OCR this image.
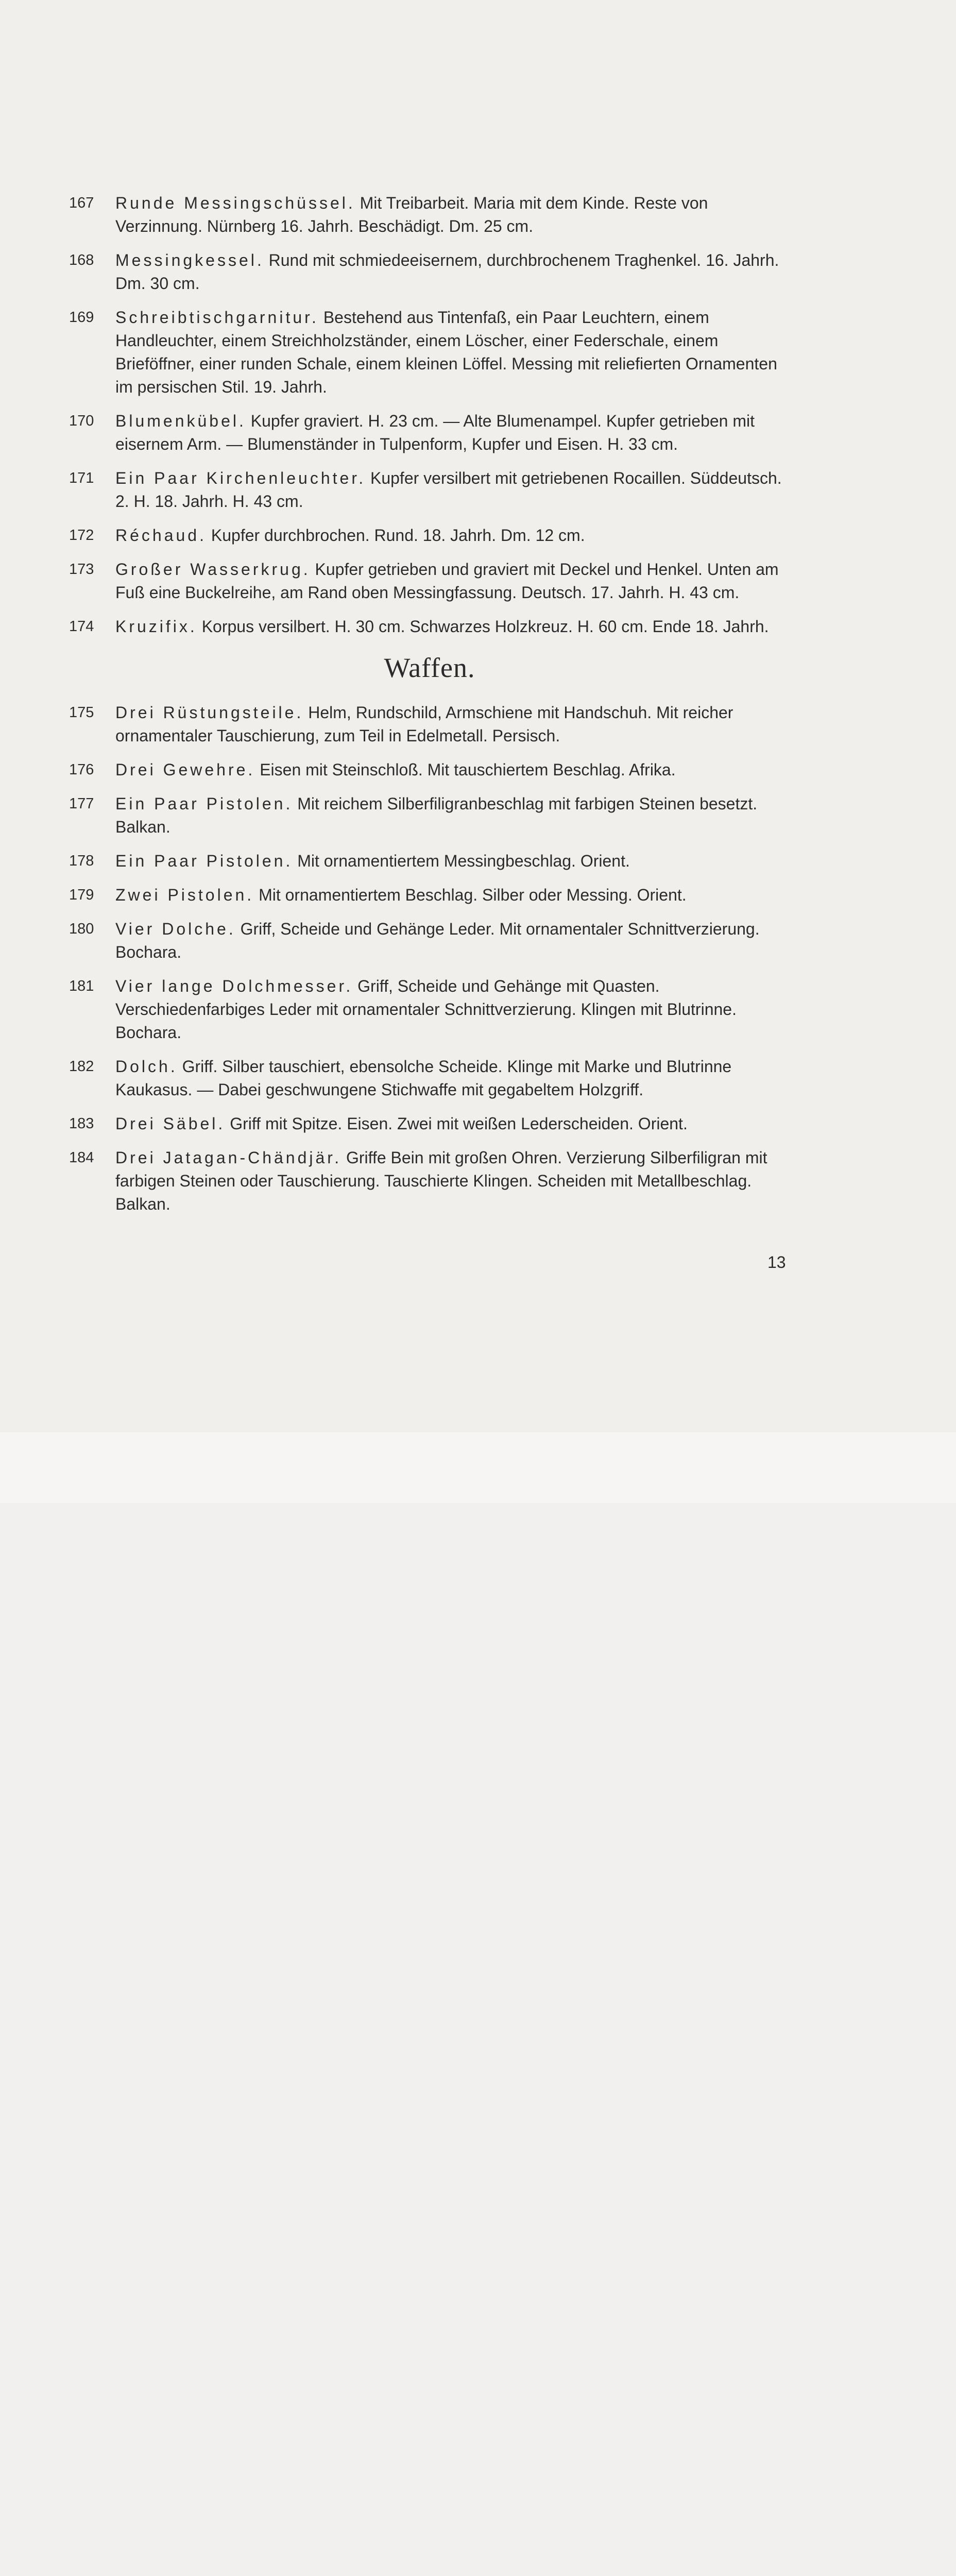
167	Runde Messingschüssel. Mit Treibarbeit. Maria mit dem Kinde. Reste von Verzinnung. Nürnberg 16. Jahrh. Beschädigt. Dm. 25 cm.
168	Messingkessel. Rund mit schmiedeeisernem, durchbrochenem Traghenkel. 16. Jahrh. Dm. 30 cm.
169	Schreibtischgarnitur. Bestehend aus Tintenfaß, ein Paar Leuchtern, einem Handleuchter, einem Streichholzständer, einem Löscher, einer Federschale, einem Brieföffner, einer runden Schale, einem kleinen Löffel. Messing mit reliefierten Ornamenten im persischen Stil. 19. Jahrh.
170	Blumenkübel. Kupfer graviert. H. 23 cm. — Alte Blumenampel. Kupfer getrieben mit eisernem Arm. — Blumenständer in Tulpenform, Kupfer und Eisen. H. 33 cm.
171	Ein Paar Kirchenleuchter. Kupfer versilbert mit getriebenen Rocaillen. Süddeutsch. 2. H. 18. Jahrh. H. 43 cm.
172	Réchaud. Kupfer durchbrochen. Rund. 18. Jahrh. Dm. 12 cm.
173	Großer Wasserkrug. Kupfer getrieben und graviert mit Deckel und Henkel. Unten am Fuß eine Buckelreihe, am Rand oben Messingfassung. Deutsch. 17. Jahrh. H. 43 cm.
174	Kruzifix. Korpus versilbert. H. 30 cm. Schwarzes Holzkreuz. H. 60 cm. Ende 18. Jahrh.
Waffen.
175	Drei Rüstungsteile. Helm, Rundschild, Armschiene mit Handschuh. Mit reicher ornamentaler Tauschierung, zum Teil in Edelmetall. Persisch.
176	Drei Gewehre. Eisen mit Steinschloß. Mit tauschiertem Beschlag. Afrika.
177	Ein Paar Pistolen. Mit reichem Silberfiligranbeschlag mit farbigen Steinen besetzt. Balkan.
178	Ein Paar Pistolen. Mit ornamentiertem Messingbeschlag. Orient.
179	Zwei Pistolen. Mit ornamentiertem Beschlag. Silber oder Messing. Orient.
180	Vier Dolche. Griff, Scheide und Gehänge Leder. Mit ornamentaler Schnittverzierung. Bochara.
181	Vier lange Dolchmesser. Griff, Scheide und Gehänge mit Quasten. Verschiedenfarbiges Leder mit ornamentaler Schnittverzierung. Klingen mit Blutrinne. Bochara.
182	Dolch. Griff. Silber tauschiert, ebensolche Scheide. Klinge mit Marke und Blutrinne Kaukasus. — Dabei geschwungene Stichwaffe mit gegabeltem Holzgriff.
183	Drei Säbel. Griff mit Spitze. Eisen. Zwei mit weißen Lederscheiden. Orient.
184	Drei Jatagan-Chändjär. Griffe Bein mit großen Ohren. Verzierung Silberfiligran mit farbigen Steinen oder Tauschierung. Tauschierte Klingen. Scheiden mit Metallbeschlag. Balkan.
13
